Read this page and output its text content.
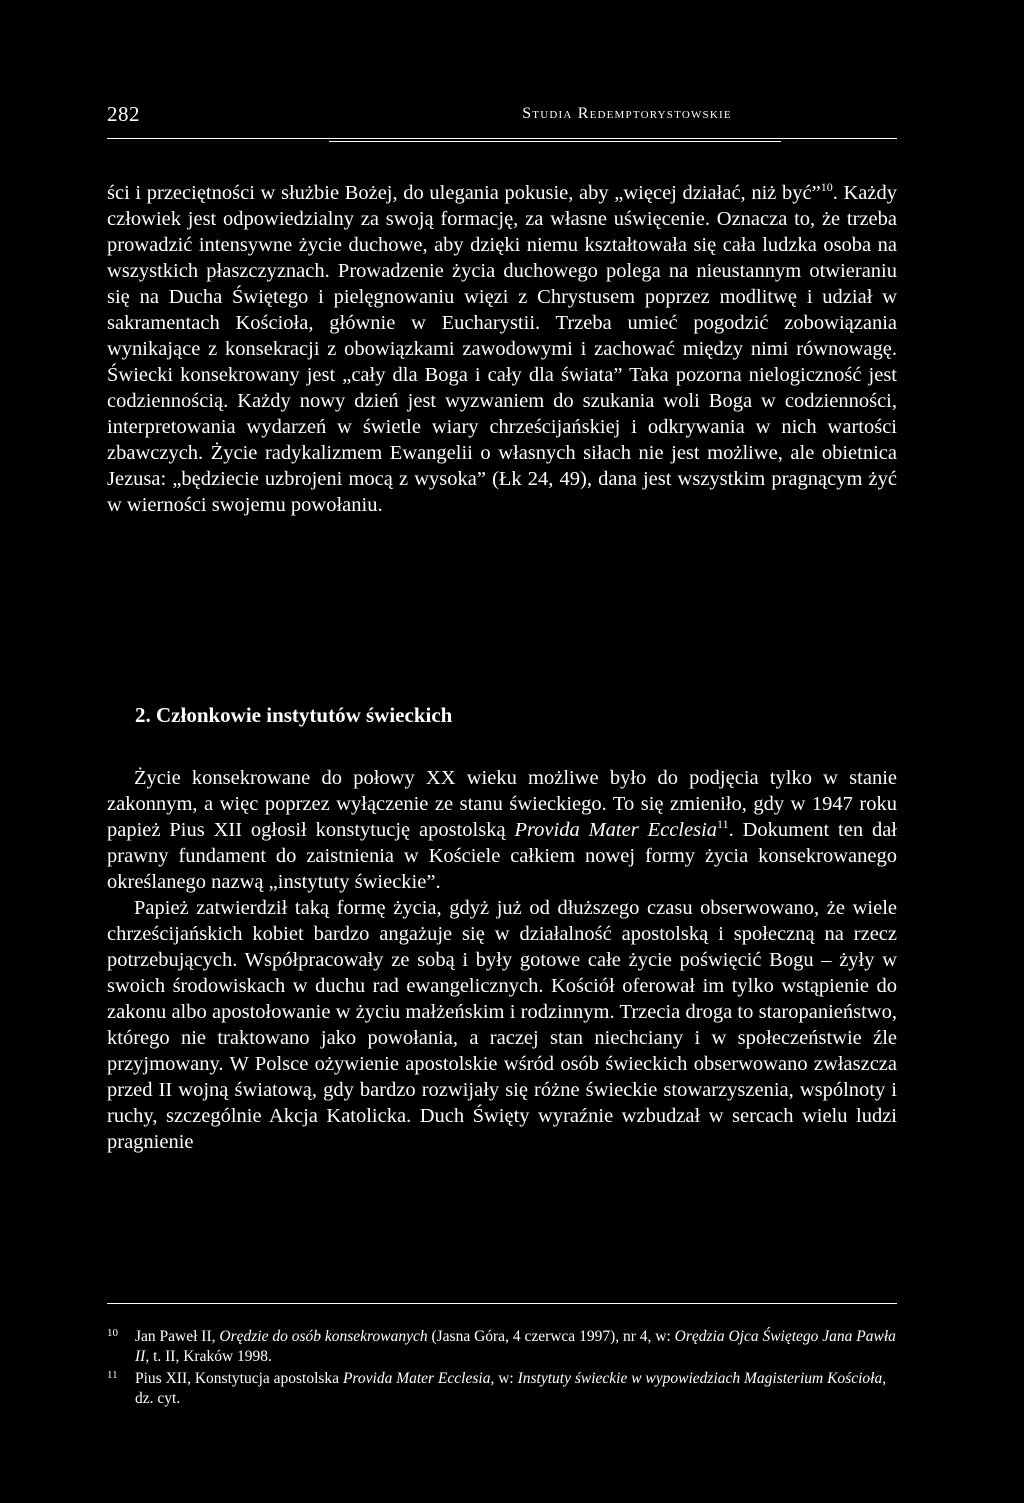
282	Studia Redemptorystowskie

ści i przeciętności w służbie Bożej, do ulegania pokusie, aby „więcej działać, niż być”$^{10}$. Każdy człowiek jest odpowiedzialny za swoją formację, za własne uświęcenie. Oznacza to, że trzeba prowadzić intensywne życie duchowe, aby dzięki niemu kształtowała się cała ludzka osoba na wszystkich płaszczyznach. Prowadzenie życia duchowego polega na nieustannym otwieraniu się na Ducha Świętego i pielęgnowaniu więzi z Chrystusem poprzez modlitwę i udział w sakramentach Kościoła, głównie w Eucharystii. Trzeba umieć pogodzić zobowiązania wynikające z konsekracji z obowiązkami zawodowymi i zachować między nimi równowagę. Świecki konsekrowany jest „cały dla Boga i cały dla świata” Taka pozorna nielogiczność jest codziennością. Każdy nowy dzień jest wyzwaniem do szukania woli Boga w codzienności, interpretowania wydarzeń w świetle wiary chrześcijańskiej i odkrywania w nich wartości zbawczych. Życie radykalizmem Ewangelii o własnych siłach nie jest możliwe, ale obietnica Jezusa: „będziecie uzbrojeni mocą z wysoka” (Łk 24, 49), dana jest wszystkim pragnącym żyć w wierności swojemu powołaniu.

2. Członkowie instytutów świeckich

Życie konsekrowane do połowy XX wieku możliwe było do podjęcia tylko w stanie zakonnym, a więc poprzez wyłączenie ze stanu świeckiego. To się zmieniło, gdy w 1947 roku papież Pius XII ogłosił konstytucję apostolską Provida Mater Ecclesia$^{11}$. Dokument ten dał prawny fundament do zaistnienia w Kościele całkiem nowej formy życia konsekrowanego określanego nazwą „instytuty świeckie”.

Papież zatwierdził taką formę życia, gdyż już od dłuższego czasu obserwowano, że wiele chrześcijańskich kobiet bardzo angażuje się w działalność apostolską i społeczną na rzecz potrzebujących. Współpracowały ze sobą i były gotowe całe życie poświęcić Bogu – żyły w swoich środowiskach w duchu rad ewangelicznych. Kościół oferował im tylko wstąpienie do zakonu albo apostołowanie w życiu małżeńskim i rodzinnym. Trzecia droga to staropanieństwo, którego nie traktowano jako powołania, a raczej stan niechciany i w społeczeństwie źle przyjmowany. W Polsce ożywienie apostolskie wśród osób świeckich obserwowano zwłaszcza przed II wojną światową, gdy bardzo rozwijały się różne świeckie stowarzyszenia, wspólnoty i ruchy, szczególnie Akcja Katolicka. Duch Święty wyraźnie wzbudzał w sercach wielu ludzi pragnienie

10 Jan Paweł II, Orędzie do osób konsekrowanych (Jasna Góra, 4 czerwca 1997), nr 4, w: Orędzia Ojca Świętego Jana Pawła II, t. II, Kraków 1998.
11 Pius XII, Konstytucja apostolska Provida Mater Ecclesia, w: Instytuty świeckie w wypowiedziach Magisterium Kościoła, dz. cyt.
